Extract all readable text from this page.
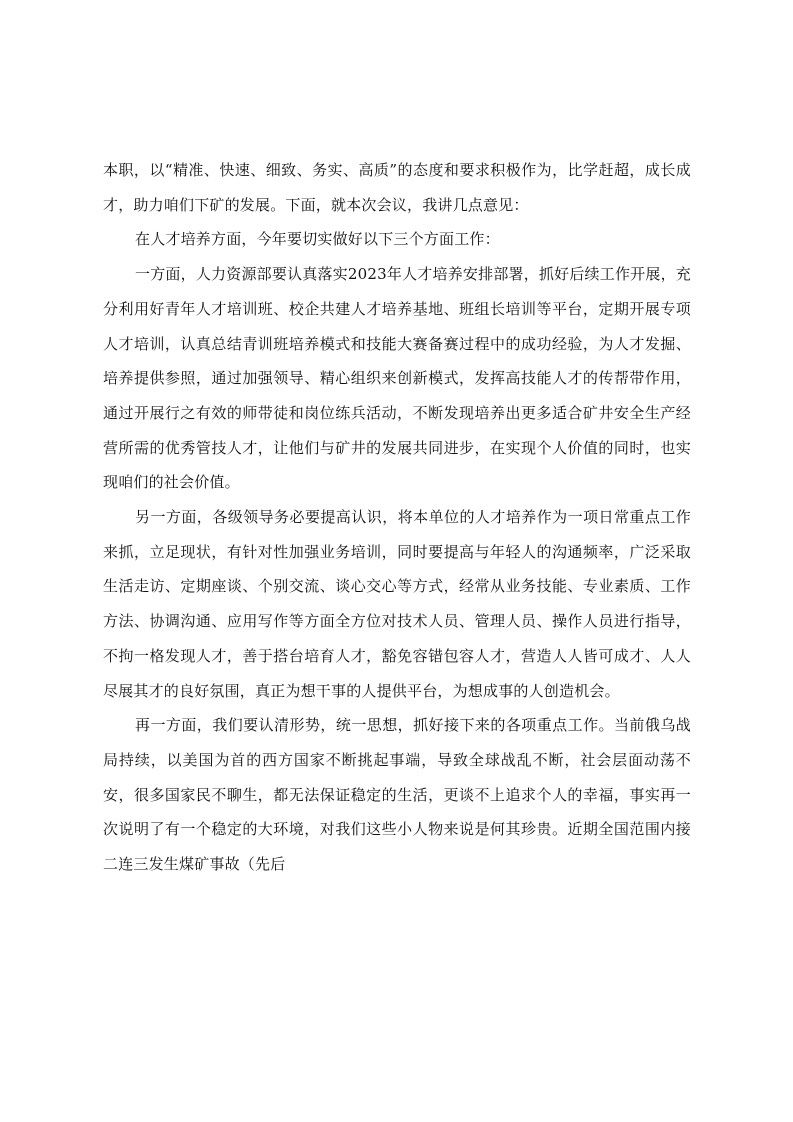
本职，以“精准、快速、细致、务实、高质”的态度和要求积极作为，比学赶超，成长成才，助力咱们下矿的发展。下面，就本次会议，我讲几点意见：

在人才培养方面，今年要切实做好以下三个方面工作：

一方面，人力资源部要认真落实2023年人才培养安排部署，抓好后续工作开展，充分利用好青年人才培训班、校企共建人才培养基地、班组长培训等平台，定期开展专项人才培训，认真总结青训班培养模式和技能大赛备赛过程中的成功经验，为人才发掘、培养提供参照，通过加强领导、精心组织来创新模式，发挥高技能人才的传帮带作用，通过开展行之有效的师带徒和岗位练兵活动，不断发现培养出更多适合矿井安全生产经营所需的优秀管技人才，让他们与矿井的发展共同进步，在实现个人价值的同时，也实现咱们的社会价值。

另一方面，各级领导务必要提高认识，将本单位的人才培养作为一项日常重点工作来抓，立足现状，有针对性加强业务培训，同时要提高与年轻人的沟通频率，广泛采取生活走访、定期座谈、个别交流、谈心交心等方式，经常从业务技能、专业素质、工作方法、协调沟通、应用写作等方面全方位对技术人员、管理人员、操作人员进行指导，不拘一格发现人才，善于搭台培育人才，豁免容错包容人才，营造人人皆可成才、人人尽展其才的良好氛围，真正为想干事的人提供平台，为想成事的人创造机会。

再一方面，我们要认清形势，统一思想，抓好接下来的各项重点工作。当前俄乌战局持续，以美国为首的西方国家不断挑起事端，导致全球战乱不断，社会层面动荡不安，很多国家民不聊生，都无法保证稳定的生活，更谈不上追求个人的幸福，事实再一次说明了有一个稳定的大环境，对我们这些小人物来说是何其珍贵。近期全国范围内接二连三发生煤矿事故（先后
